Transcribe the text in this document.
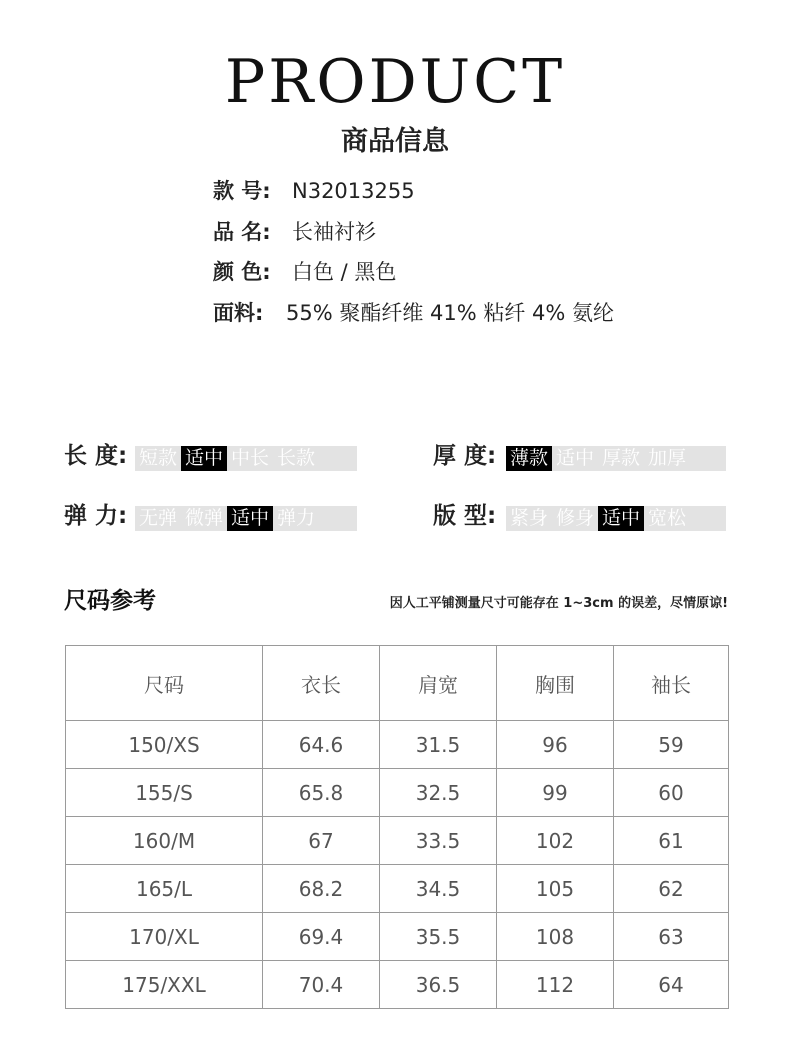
PRODUCT
商品信息
款 号: N32013255
品 名: 长袖衬衫
颜 色: 白色 / 黑色
面料: 55% 聚酯纤维 41% 粘纤 4% 氨纶
长 度: 短款 适中 中长 长款	厚 度: 薄款 适中 厚款 加厚
弹 力: 无弹 微弹 适中 弹力	版 型: 紧身 修身 适中 宽松
尺码参考	因人工平铺测量尺寸可能存在 1~3cm 的误差，尽情原谅!
尺码	衣长	肩宽	胸围	袖长
150/XS	64.6	31.5	96	59
155/S	65.8	32.5	99	60
160/M	67	33.5	102	61
165/L	68.2	34.5	105	62
170/XL	69.4	35.5	108	63
175/XXL	70.4	36.5	112	64
